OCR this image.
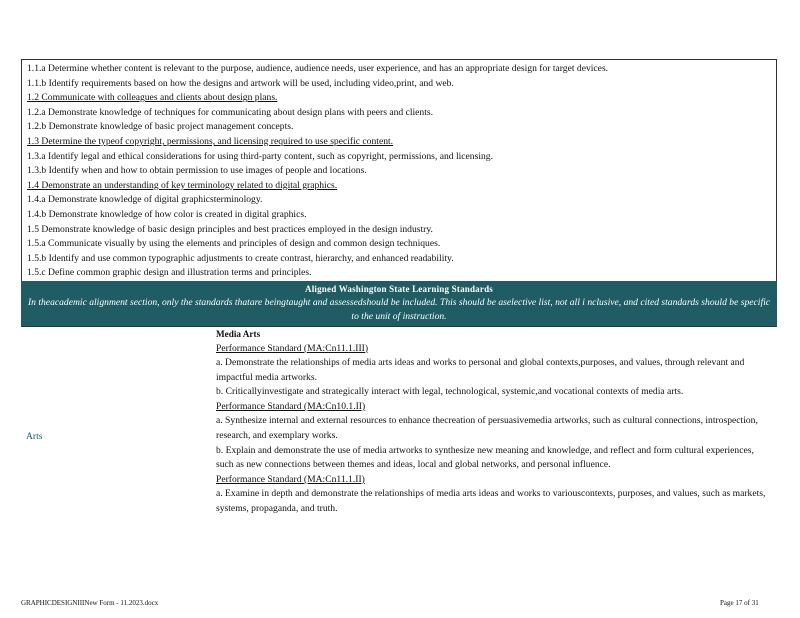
1.1.a Determine whether content is relevant to the purpose, audience, audience needs, user experience, and has an appropriate design for target devices.
1.1.b Identify requirements based on how the designs and artwork will be used, including video,print, and web.
1.2 Communicate with colleagues and clients about design plans.
1.2.a Demonstrate knowledge of techniques for communicating about design plans with peers and clients.
1.2.b Demonstrate knowledge of basic project management concepts.
1.3 Determine the typeof copyright, permissions, and licensing required to use specific content.
1.3.a Identify legal and ethical considerations for using third-party content, such as copyright, permissions, and licensing.
1.3.b Identify when and how to obtain permission to use images of people and locations.
1.4 Demonstrate an understanding of key terminology related to digital graphics.
1.4.a Demonstrate knowledge of digital graphicsterminology.
1.4.b Demonstrate knowledge of how color is created in digital graphics.
1.5 Demonstrate knowledge of basic design principles and best practices employed in the design industry.
1.5.a Communicate visually by using the elements and principles of design and common design techniques.
1.5.b Identify and use common typographic adjustments to create contrast, hierarchy, and enhanced readability.
1.5.c Define common graphic design and illustration terms and principles.
Aligned Washington State Learning Standards
In theacademic alignment section, only the standards thatare beingtaught and assessedshould be included. This should be aselective list, not all i nclusive, and cited standards should be specific to the unit of instruction.
Arts
Media Arts
Performance Standard (MA:Cn11.1.III)
a. Demonstrate the relationships of media arts ideas and works to personal and global contexts,purposes, and values, through relevant and impactful media artworks.
b. Criticallyinvestigate and strategically interact with legal, technological, systemic,and vocational contexts of media arts.
Performance Standard (MA:Cn10.1.II)
a. Synthesize internal and external resources to enhance thecreation of persuasivemedia artworks, such as cultural connections, introspection, research, and exemplary works.
b. Explain and demonstrate the use of media artworks to synthesize new meaning and knowledge, and reflect and form cultural experiences, such as new connections between themes and ideas, local and global networks, and personal influence.
Performance Standard (MA:Cn11.1.II)
a. Examine in depth and demonstrate the relationships of media arts ideas and works to variouscontexts, purposes, and values, such as markets, systems, propaganda, and truth.
GRAPHICDESIGNIIINew Form - 11.2023.docx	Page 17 of 31
